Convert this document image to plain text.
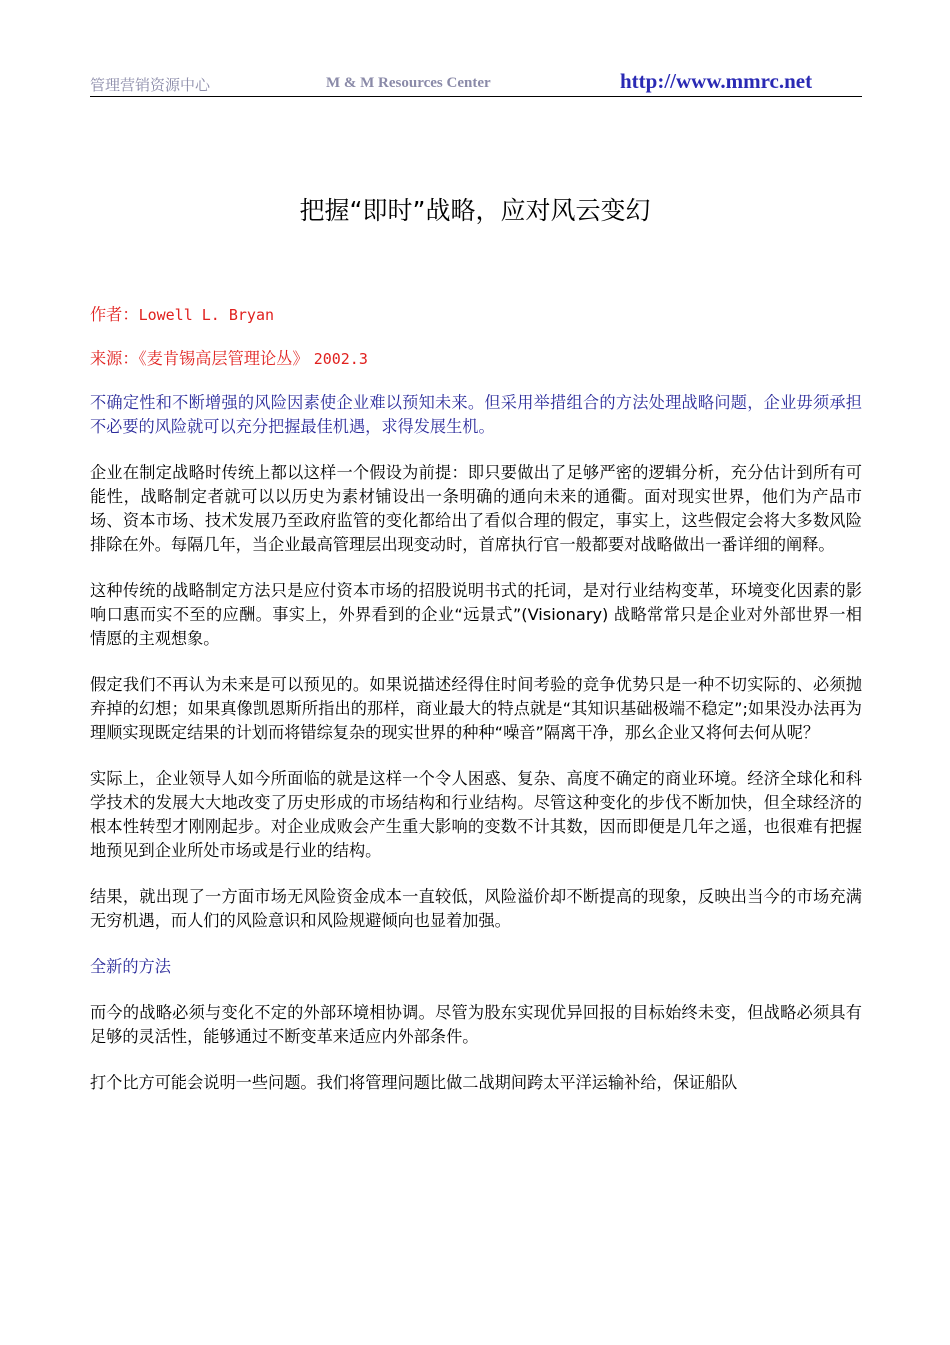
管理营销资源中心	M & M Resources Center	http://www.mmrc.net
把握“即时”战略，应对风云变幻

作者：Lowell L. Bryan

来源：《麦肯锡高层管理论丛》 2002.3

不确定性和不断增强的风险因素使企业难以预知未来。但采用举措组合的方法处理战略问题，企业毋须承担不必要的风险就可以充分把握最佳机遇，求得发展生机。

企业在制定战略时传统上都以这样一个假设为前提：即只要做出了足够严密的逻辑分析，充分估计到所有可能性，战略制定者就可以以历史为素材铺设出一条明确的通向未来的通衢。面对现实世界，他们为产品市场、资本市场、技术发展乃至政府监管的变化都给出了看似合理的假定，事实上，这些假定会将大多数风险排除在外。每隔几年，当企业最高管理层出现变动时，首席执行官一般都要对战略做出一番详细的阐释。

这种传统的战略制定方法只是应付资本市场的招股说明书式的托词，是对行业结构变革，环境变化因素的影响口惠而实不至的应酬。事实上，外界看到的企业“远景式”(Visionary) 战略常常只是企业对外部世界一相情愿的主观想象。

假定我们不再认为未来是可以预见的。如果说描述经得住时间考验的竞争优势只是一种不切实际的、必须抛弃掉的幻想；如果真像凯恩斯所指出的那样，商业最大的特点就是“其知识基础极端不稳定”;如果没办法再为理顺实现既定结果的计划而将错综复杂的现实世界的种种“噪音”隔离干净，那幺企业又将何去何从呢？

实际上，企业领导人如今所面临的就是这样一个令人困惑、复杂、高度不确定的商业环境。经济全球化和科学技术的发展大大地改变了历史形成的市场结构和行业结构。尽管这种变化的步伐不断加快，但全球经济的根本性转型才刚刚起步。对企业成败会产生重大影响的变数不计其数，因而即便是几年之遥，也很难有把握地预见到企业所处市场或是行业的结构。

结果，就出现了一方面市场无风险资金成本一直较低，风险溢价却不断提高的现象，反映出当今的市场充满无穷机遇，而人们的风险意识和风险规避倾向也显着加强。

全新的方法

而今的战略必须与变化不定的外部环境相协调。尽管为股东实现优异回报的目标始终未变，但战略必须具有足够的灵活性，能够通过不断变革来适应内外部条件。

打个比方可能会说明一些问题。我们将管理问题比做二战期间跨太平洋运输补给，保证船队
